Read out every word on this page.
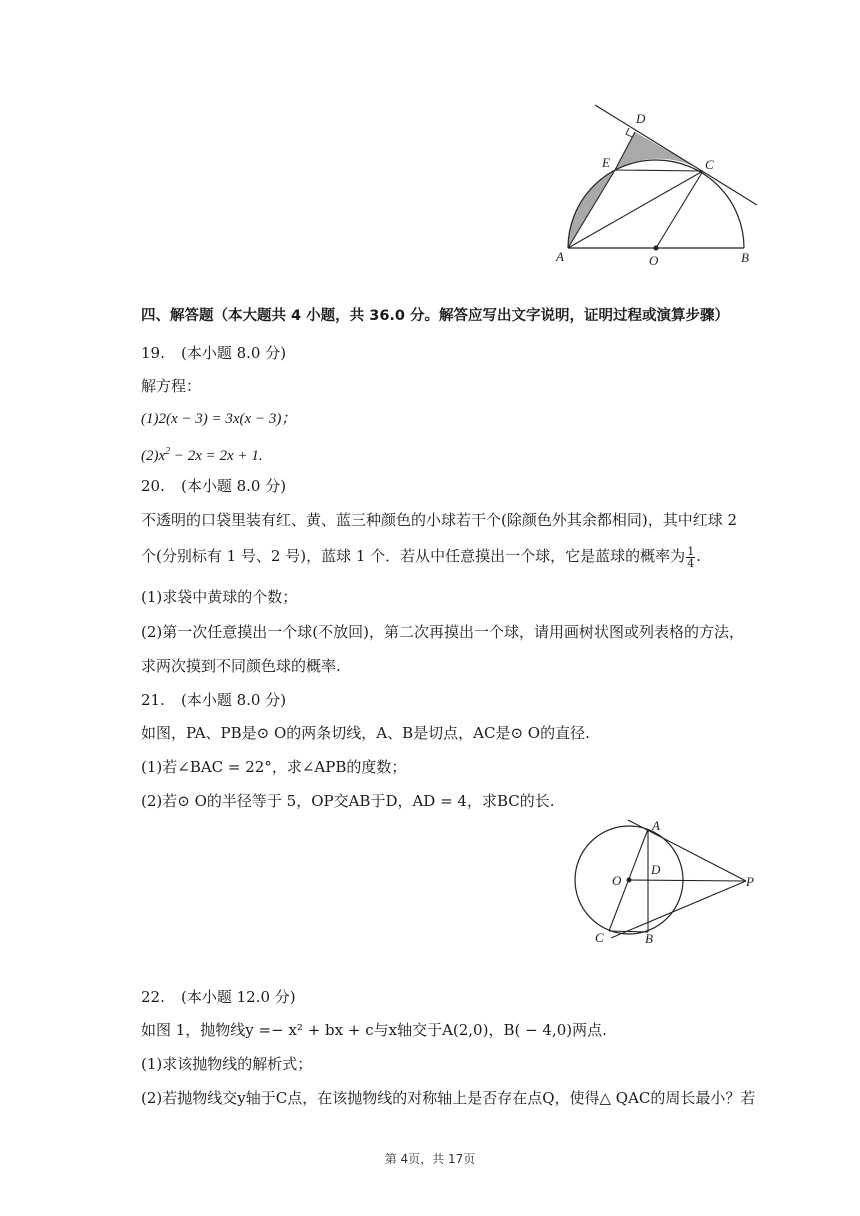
D
E	C
A	O	B
四、解答题（本大题共 4 小题，共 36.0 分。解答应写出文字说明，证明过程或演算步骤）
19. (本小题 8.0 分)
解方程：
(1)2(x − 3) = 3x(x − 3)；
$(2)x^2 - 2x = 2x + 1$.
20. (本小题 8.0 分)
不透明的口袋里装有红、黄、蓝三种颜色的小球若干个(除颜色外其余都相同)，其中红球 2
个(分别标有 1 号、2 号)，蓝球 1 个．若从中任意摸出一个球，它是蓝球的概率为 $\frac{1}{4}$ .
(1)求袋中黄球的个数；
(2)第一次任意摸出一个球(不放回)，第二次再摸出一个球，请用画树状图或列表格的方法，
求两次摸到不同颜色球的概率.
21. (本小题 8.0 分)
如图，PA、PB是⊙ O的两条切线，A、B是切点，AC是⊙ O的直径.
(1)若∠BAC = 22°，求∠APB的度数；
(2)若⊙ O的半径等于 5，OP交AB于D，AD = 4，求BC的长.
A
O
D
P
C	B
22. (本小题 12.0 分)
如图 1，抛物线y =− x² + bx + c与x轴交于A(2,0)，B( − 4,0)两点.
(1)求该抛物线的解析式；
(2)若抛物线交y轴于C点，在该抛物线的对称轴上是否存在点Q，使得△ QAC的周长最小？若
第 4页，共 17页
